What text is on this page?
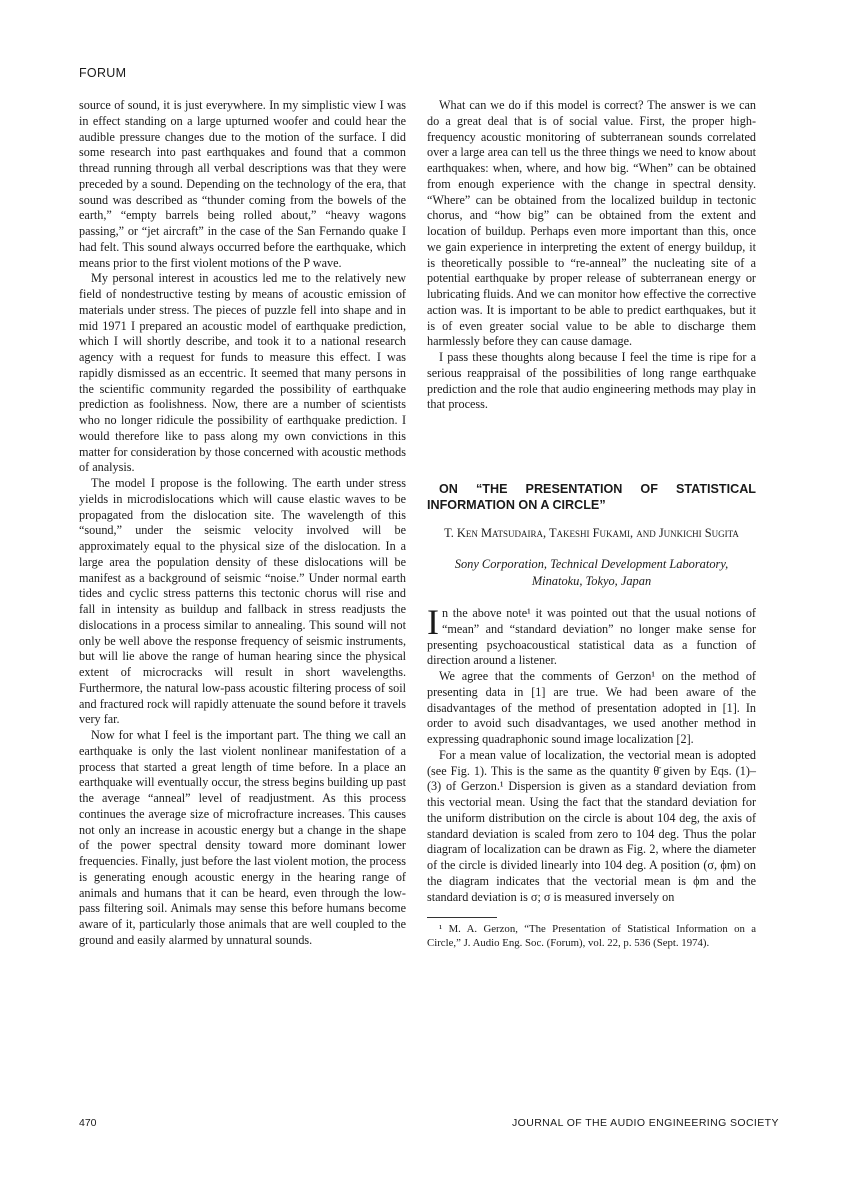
FORUM

source of sound, it is just everywhere. In my simplistic view I was in effect standing on a large upturned woofer and could hear the audible pressure changes due to the motion of the surface. I did some research into past earthquakes and found that a common thread running through all verbal descriptions was that they were preceded by a sound. Depending on the technology of the era, that sound was described as “thunder coming from the bowels of the earth,” “empty barrels being rolled about,” “heavy wagons passing,” or “jet aircraft” in the case of the San Fernando quake I had felt. This sound always occurred before the earthquake, which means prior to the first violent motions of the P wave.

My personal interest in acoustics led me to the relatively new field of nondestructive testing by means of acoustic emission of materials under stress. The pieces of puzzle fell into shape and in mid 1971 I prepared an acoustic model of earthquake prediction, which I will shortly describe, and took it to a national research agency with a request for funds to measure this effect. I was rapidly dismissed as an eccentric. It seemed that many persons in the scientific community regarded the possibility of earthquake prediction as foolishness. Now, there are a number of scientists who no longer ridicule the possibility of earthquake prediction. I would therefore like to pass along my own convictions in this matter for consideration by those concerned with acoustic methods of analysis.

The model I propose is the following. The earth under stress yields in microdislocations which will cause elastic waves to be propagated from the dislocation site. The wavelength of this “sound,” under the seismic velocity involved will be approximately equal to the physical size of the dislocation. In a large area the population density of these dislocations will be manifest as a background of seismic “noise.” Under normal earth tides and cyclic stress patterns this tectonic chorus will rise and fall in intensity as buildup and fallback in stress readjusts the dislocations in a process similar to annealing. This sound will not only be well above the response frequency of seismic instruments, but will lie above the range of human hearing since the physical extent of microcracks will result in short wavelengths. Furthermore, the natural low-pass acoustic filtering process of soil and fractured rock will rapidly attenuate the sound before it travels very far.

Now for what I feel is the important part. The thing we call an earthquake is only the last violent nonlinear manifestation of a process that started a great length of time before. In a place an earthquake will eventually occur, the stress begins building up past the average “anneal” level of readjustment. As this process continues the average size of microfracture increases. This causes not only an increase in acoustic energy but a change in the shape of the power spectral density toward more dominant lower frequencies. Finally, just before the last violent motion, the process is generating enough acoustic energy in the hearing range of animals and humans that it can be heard, even through the low-pass filtering soil. Animals may sense this before humans become aware of it, particularly those animals that are well coupled to the ground and easily alarmed by unnatural sounds.

What can we do if this model is correct? The answer is we can do a great deal that is of social value. First, the proper high-frequency acoustic monitoring of subterranean sounds correlated over a large area can tell us the three things we need to know about earthquakes: when, where, and how big. “When” can be obtained from enough experience with the change in spectral density. “Where” can be obtained from the localized buildup in tectonic chorus, and “how big” can be obtained from the extent and location of buildup. Perhaps even more important than this, once we gain experience in interpreting the extent of energy buildup, it is theoretically possible to “re-anneal” the nucleating site of a potential earthquake by proper release of subterranean energy or lubricating fluids. And we can monitor how effective the corrective action was. It is important to be able to predict earthquakes, but it is of even greater social value to be able to discharge them harmlessly before they can cause damage.

I pass these thoughts along because I feel the time is ripe for a serious reappraisal of the possibilities of long range earthquake prediction and the role that audio engineering methods may play in that process.

ON “THE PRESENTATION OF STATISTICAL INFORMATION ON A CIRCLE”

T. Ken Matsudaira, Takeshi Fukami, and Junkichi Sugita
Sony Corporation, Technical Development Laboratory,
Minatoku, Tokyo, Japan

In the above note¹ it was pointed out that the usual notions of “mean” and “standard deviation” no longer make sense for presenting psychoacoustical statistical data as a function of direction around a listener.

We agree that the comments of Gerzon¹ on the method of presenting data in [1] are true. We had been aware of the disadvantages of the method of presentation adopted in [1]. In order to avoid such disadvantages, we used another method in expressing quadraphonic sound image localization [2].

For a mean value of localization, the vectorial mean is adopted (see Fig. 1). This is the same as the quantity θ̄ given by Eqs. (1)–(3) of Gerzon.¹ Dispersion is given as a standard deviation from this vectorial mean. Using the fact that the standard deviation for the uniform distribution on the circle is about 104 deg, the axis of standard deviation is scaled from zero to 104 deg. Thus the polar diagram of localization can be drawn as Fig. 2, where the diameter of the circle is divided linearly into 104 deg. A position (σ, ϕm) on the diagram indicates that the vectorial mean is ϕm and the standard deviation is σ; σ is measured inversely on

¹ M. A. Gerzon, “The Presentation of Statistical Information on a Circle,” J. Audio Eng. Soc. (Forum), vol. 22, p. 536 (Sept. 1974).

470	JOURNAL OF THE AUDIO ENGINEERING SOCIETY
